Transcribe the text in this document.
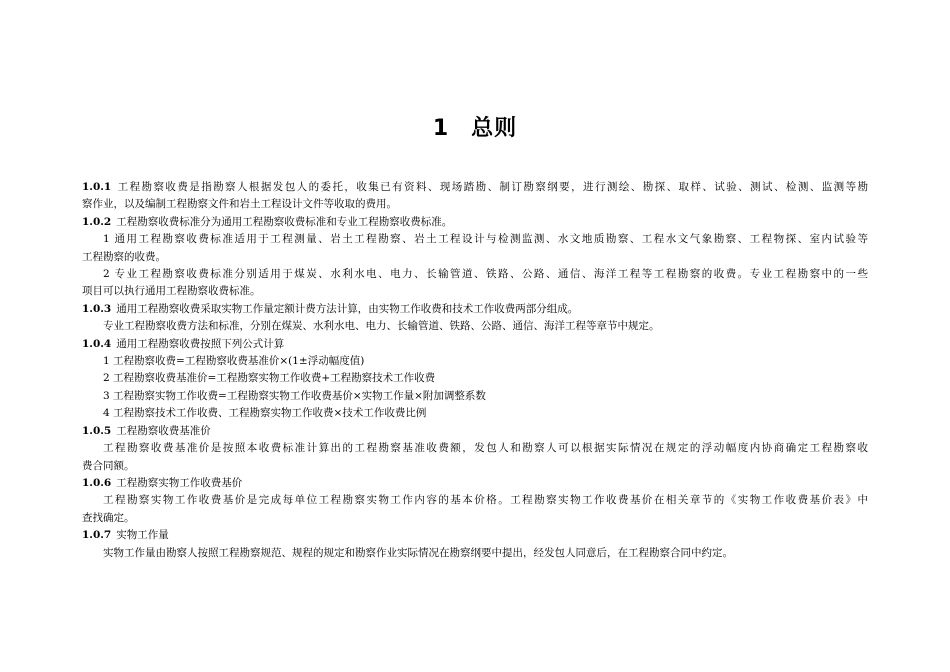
1 总则
1.0.1 工程勘察收费是指勘察人根据发包人的委托，收集已有资料、现场踏勘、制订勘察纲要，进行测绘、勘探、取样、试验、测试、检测、监测等勘
察作业，以及编制工程勘察文件和岩土工程设计文件等收取的费用。
1.0.2 工程勘察收费标准分为通用工程勘察收费标准和专业工程勘察收费标准。
1 通用工程勘察收费标准适用于工程测量、岩土工程勘察、岩土工程设计与检测监测、水文地质勘察、工程水文气象勘察、工程物探、室内试验等
工程勘察的收费。
2 专业工程勘察收费标准分别适用于煤炭、水利水电、电力、长输管道、铁路、公路、通信、海洋工程等工程勘察的收费。专业工程勘察中的一些
项目可以执行通用工程勘察收费标准。
1.0.3 通用工程勘察收费采取实物工作量定额计费方法计算，由实物工作收费和技术工作收费两部分组成。
专业工程勘察收费方法和标准，分别在煤炭、水利水电、电力、长输管道、铁路、公路、通信、海洋工程等章节中规定。
1.0.4 通用工程勘察收费按照下列公式计算
1 工程勘察收费=工程勘察收费基准价×(1±浮动幅度值)
2 工程勘察收费基准价=工程勘察实物工作收费+工程勘察技术工作收费
3 工程勘察实物工作收费=工程勘察实物工作收费基价×实物工作量×附加调整系数
4 工程勘察技术工作收费、工程勘察实物工作收费×技术工作收费比例
1.0.5 工程勘察收费基准价
工程勘察收费基准价是按照本收费标准计算出的工程勘察基准收费额，发包人和勘察人可以根据实际情况在规定的浮动幅度内协商确定工程勘察收
费合同额。
1.0.6 工程勘察实物工作收费基价
工程勘察实物工作收费基价是完成每单位工程勘察实物工作内容的基本价格。工程勘察实物工作收费基价在相关章节的《实物工作收费基价表》中
查找确定。
1.0.7 实物工作量
实物工作量由勘察人按照工程勘察规范、规程的规定和勘察作业实际情况在勘察纲要中提出，经发包人同意后，在工程勘察合同中约定。
